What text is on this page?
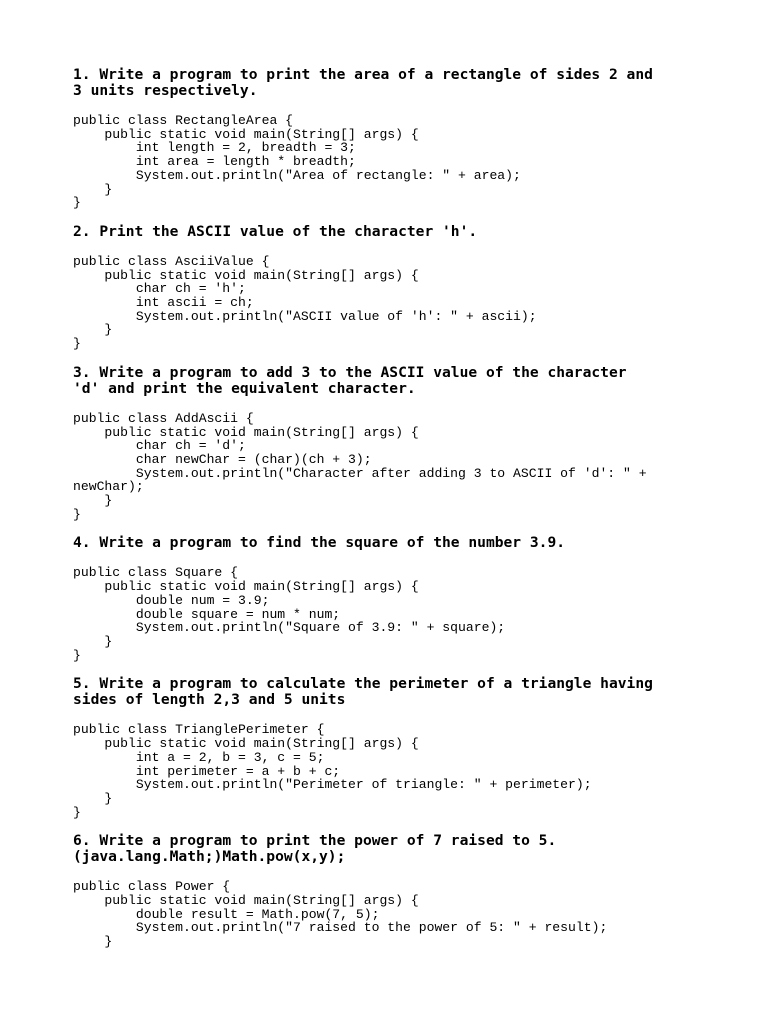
1. Write a program to print the area of a rectangle of sides 2 and
3 units respectively.

public class RectangleArea {
public static void main(String[] args) {
int length = 2, breadth = 3;
int area = length * breadth;
System.out.println("Area of rectangle: " + area);
}
}

2. Print the ASCII value of the character 'h'.

public class AsciiValue {
public static void main(String[] args) {
char ch = 'h';
int ascii = ch;
System.out.println("ASCII value of 'h': " + ascii);
}
}

3. Write a program to add 3 to the ASCII value of the character
'd' and print the equivalent character.

public class AddAscii {
public static void main(String[] args) {
char ch = 'd';
char newChar = (char)(ch + 3);
System.out.println("Character after adding 3 to ASCII of 'd': " +
newChar);
}
}

4. Write a program to find the square of the number 3.9.

public class Square {
public static void main(String[] args) {
double num = 3.9;
double square = num * num;
System.out.println("Square of 3.9: " + square);
}
}

5. Write a program to calculate the perimeter of a triangle having
sides of length 2,3 and 5 units

public class TrianglePerimeter {
public static void main(String[] args) {
int a = 2, b = 3, c = 5;
int perimeter = a + b + c;
System.out.println("Perimeter of triangle: " + perimeter);
}
}

6. Write a program to print the power of 7 raised to 5.
(java.lang.Math;)Math.pow(x,y);

public class Power {
public static void main(String[] args) {
double result = Math.pow(7, 5);
System.out.println("7 raised to the power of 5: " + result);
}
